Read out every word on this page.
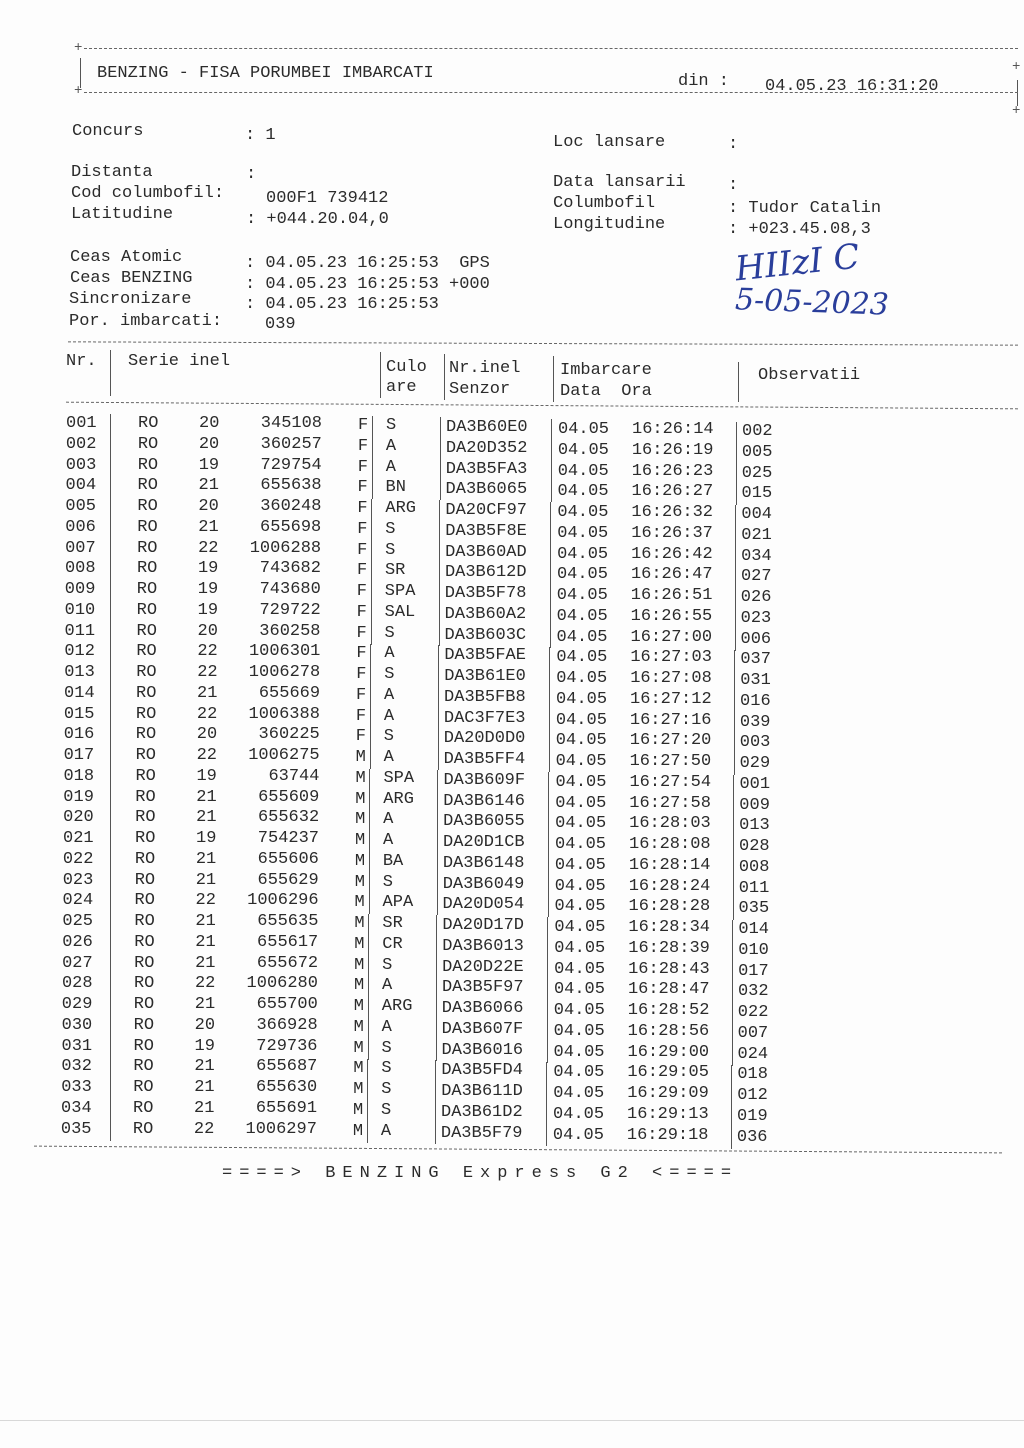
+
+
BENZING - FISA PORUMBEI IMBARCATI	din : 04.05.23 16:31:20
+
+
Concurs	: 1	Loc lansare	:
Distanta	:	Data lansarii :
Cod columbofil: 000F1 739412	Columbofil	: Tudor Catalin
Latitudine	: +044.20.04,0	Longitudine	: +023.45.08,3
Ceas Atomic	: 04.05.23 16:25:53  GPS
Ceas BENZING	: 04.05.23 16:25:53 +000
Sincronizare	: 04.05.23 16:25:53
Por. imbarcati:	039
HIIzI C
5-05-2023
Nr. Serie inel	Culo
are
Nr.inel
Senzor
Imbarcare
Data  Ora
Observatii
001 RO 20 345108 F S	DA3B60E0 04.05 16:26:14 002
002 RO 20 360257 F A	DA20D352 04.05 16:26:19 005
003 RO 19 729754 F A	DA3B5FA3 04.05 16:26:23 025
004 RO 21 655638 F BN DA3B6065 04.05 16:26:27 015
005 RO 20 360248 F ARG DA20CF97 04.05 16:26:32 004
006 RO 21 655698 F S	DA3B5F8E 04.05 16:26:37 021
007 RO 22 1006288 F S	DA3B60AD 04.05 16:26:42 034
008 RO 19 743682 F SR DA3B612D 04.05 16:26:47 027
009 RO 19 743680 F SPA DA3B5F78 04.05 16:26:51 026
010 RO 19 729722 F SAL DA3B60A2 04.05 16:26:55 023
011 RO 20 360258 F S	DA3B603C 04.05 16:27:00 006
012 RO 22 1006301 F A	DA3B5FAE 04.05 16:27:03 037
013 RO 22 1006278 F S	DA3B61E0 04.05 16:27:08 031
014 RO 21 655669 F A	DA3B5FB8 04.05 16:27:12 016
015 RO 22 1006388 F A	DAC3F7E3 04.05 16:27:16 039
016 RO 20 360225 F S	DA20D0D0 04.05 16:27:20 003
017 RO 22 1006275 M A	DA3B5FF4 04.05 16:27:50 029
018 RO 19	63744 M SPA DA3B609F 04.05 16:27:54 001
019 RO 21 655609 M ARG DA3B6146 04.05 16:27:58 009
020 RO 21 655632 M A	DA3B6055 04.05 16:28:03 013
021 RO 19 754237 M A	DA20D1CB 04.05 16:28:08 028
022 RO 21 655606 M BA DA3B6148 04.05 16:28:14 008
023 RO 21 655629 M S	DA3B6049 04.05 16:28:24 011
024 RO 22 1006296 M APA DA20D054 04.05 16:28:28 035
025 RO 21 655635 M SR DA20D17D 04.05 16:28:34 014
026 RO 21 655617 M CR DA3B6013 04.05 16:28:39 010
027 RO 21 655672 M S	DA20D22E 04.05 16:28:43 017
028 RO 22 1006280 M A	DA3B5F97 04.05 16:28:47 032
029 RO 21 655700 M ARG DA3B6066 04.05 16:28:52 022
030 RO 20 366928 M A	DA3B607F 04.05 16:28:56 007
031 RO 19 729736 M S	DA3B6016 04.05 16:29:00 024
032 RO 21 655687 M S	DA3B5FD4 04.05 16:29:05 018
033 RO 21 655630 M S	DA3B611D 04.05 16:29:09 012
034 RO 21 655691 M S	DA3B61D2 04.05 16:29:13 019
035 RO 22 1006297 M A	DA3B5F79 04.05 16:29:18 036
====> BENZING Express G2 <====
